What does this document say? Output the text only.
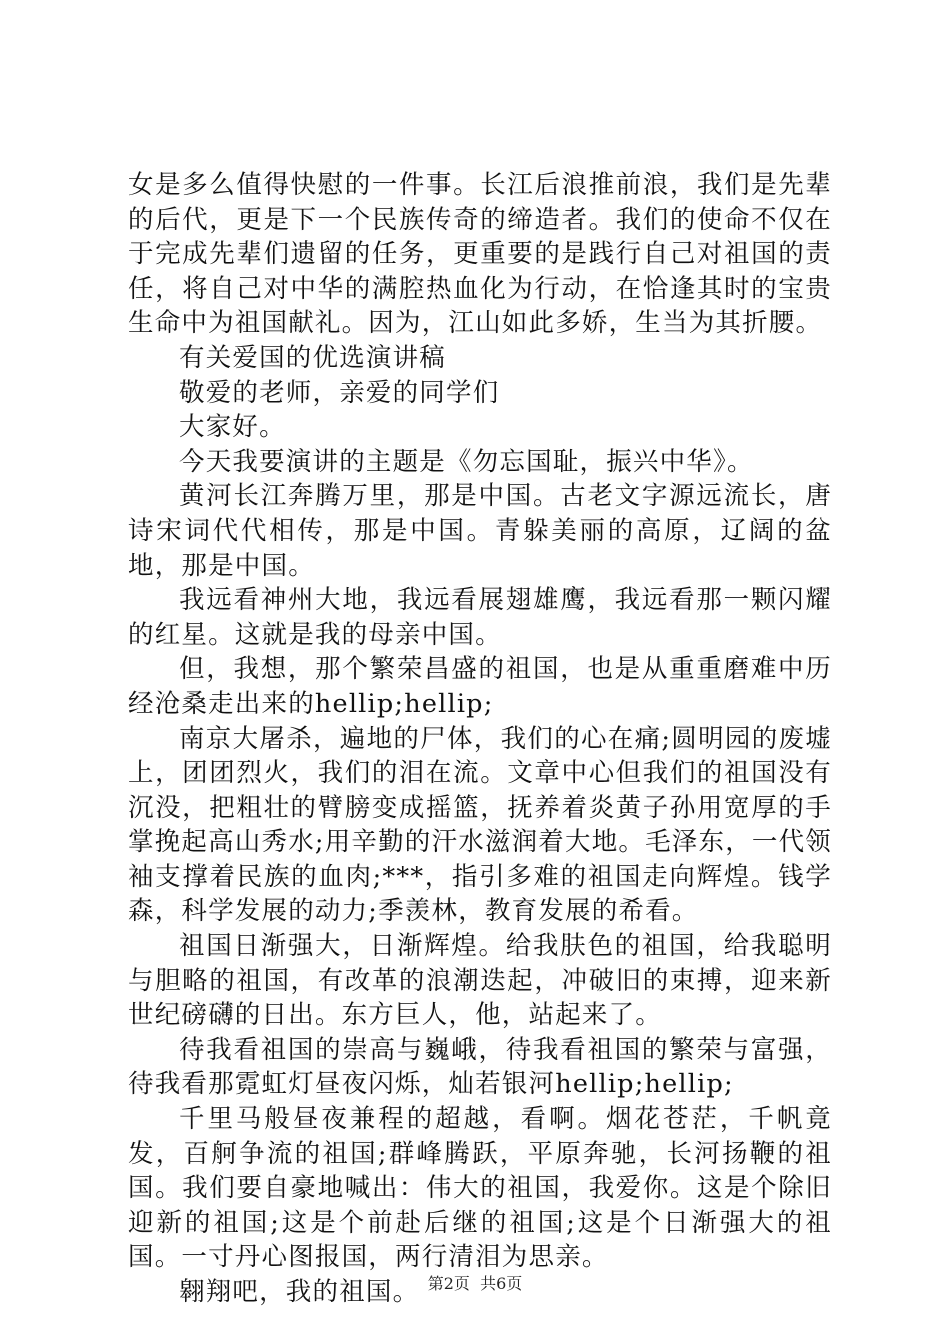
女是多么值得快慰的一件事。长江后浪推前浪，我们是先辈的后代，更是下一个民族传奇的缔造者。我们的使命不仅在于完成先辈们遗留的任务，更重要的是践行自己对祖国的责任，将自己对中华的满腔热血化为行动，在恰逢其时的宝贵生命中为祖国献礼。因为，江山如此多娇，生当为其折腰。

有关爱国的优选演讲稿

敬爱的老师，亲爱的同学们

大家好。

今天我要演讲的主题是《勿忘国耻，振兴中华》。

黄河长江奔腾万里，那是中国。古老文字源远流长，唐诗宋词代代相传，那是中国。青躲美丽的高原，辽阔的盆地，那是中国。

我远看神州大地，我远看展翅雄鹰，我远看那一颗闪耀的红星。这就是我的母亲中国。

但，我想，那个繁荣昌盛的祖国，也是从重重磨难中历经沧桑走出来的hellip;hellip;

南京大屠杀，遍地的尸体，我们的心在痛;圆明园的废墟上，团团烈火，我们的泪在流。文章中心但我们的祖国没有沉没，把粗壮的臂膀变成摇篮，抚养着炎黄子孙用宽厚的手掌挽起高山秀水;用辛勤的汗水滋润着大地。毛泽东，一代领袖支撑着民族的血肉;***，指引多难的祖国走向辉煌。钱学森，科学发展的动力;季羡林，教育发展的希看。

祖国日渐强大，日渐辉煌。给我肤色的祖国，给我聪明与胆略的祖国，有改革的浪潮迭起，冲破旧的束搏，迎来新世纪磅礴的日出。东方巨人，他，站起来了。

待我看祖国的崇高与巍峨，待我看祖国的繁荣与富强，待我看那霓虹灯昼夜闪烁，灿若银河hellip;hellip;

千里马般昼夜兼程的超越，看啊。烟花苍茫，千帆竟发，百舸争流的祖国;群峰腾跃，平原奔驰，长河扬鞭的祖国。我们要自豪地喊出：伟大的祖国，我爱你。这是个除旧迎新的祖国;这是个前赴后继的祖国;这是个日渐强大的祖国。一寸丹心图报国，两行清泪为思亲。

翱翔吧，我的祖国。 第2页 共6页
